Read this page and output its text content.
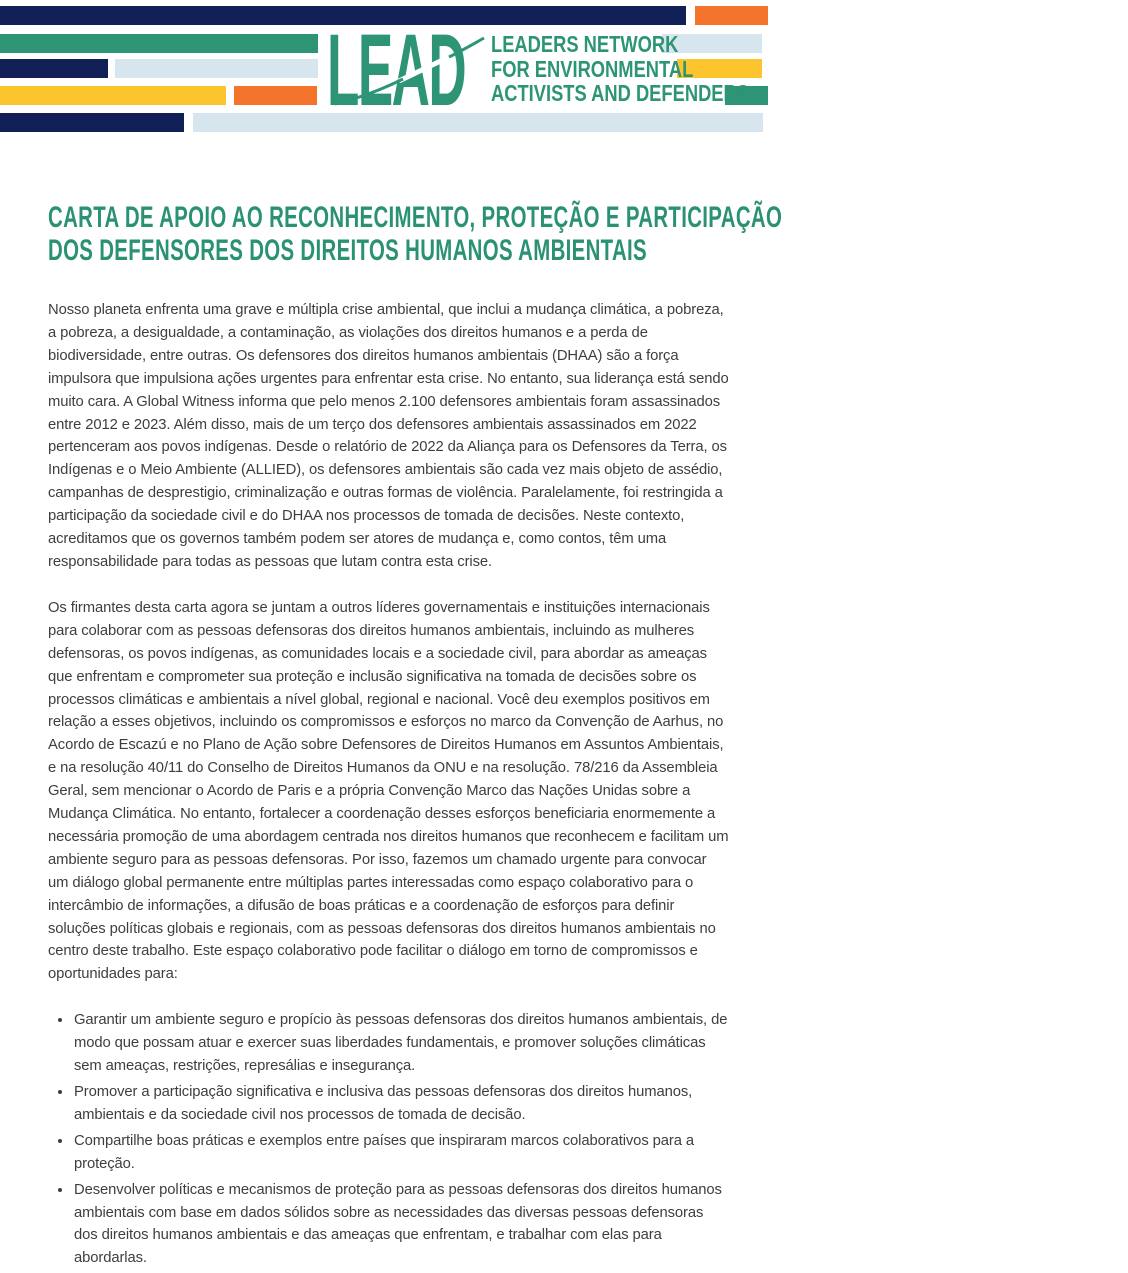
LEAD LEADERS NETWORK
FOR ENVIRONMENTAL
ACTIVISTS AND DEFENDERS
CARTA DE APOIO AO RECONHECIMENTO, PROTEÇÃO E PARTICIPAÇÃO
DOS DEFENSORES DOS DIREITOS HUMANOS AMBIENTAIS

Nosso planeta enfrenta uma grave e múltipla crise ambiental, que inclui a mudança climática, a pobreza, a pobreza, a desigualdade, a contaminação, as violações dos direitos humanos e a perda de biodiversidade, entre outras. Os defensores dos direitos humanos ambientais (DHAA) são a força impulsora que impulsiona ações urgentes para enfrentar esta crise. No entanto, sua liderança está sendo muito cara. A Global Witness informa que pelo menos 2.100 defensores ambientais foram assassinados entre 2012 e 2023. Além disso, mais de um terço dos defensores ambientais assassinados em 2022 pertenceram aos povos indígenas. Desde o relatório de 2022 da Aliança para os Defensores da Terra, os Indígenas e o Meio Ambiente (ALLIED), os defensores ambientais são cada vez mais objeto de assédio, campanhas de desprestigio, criminalização e outras formas de violência. Paralelamente, foi restringida a participação da sociedade civil e do DHAA nos processos de tomada de decisões. Neste contexto, acreditamos que os governos também podem ser atores de mudança e, como contos, têm uma responsabilidade para todas as pessoas que lutam contra esta crise.

Os firmantes desta carta agora se juntam a outros líderes governamentais e instituições internacionais para colaborar com as pessoas defensoras dos direitos humanos ambientais, incluindo as mulheres defensoras, os povos indígenas, as comunidades locais e a sociedade civil, para abordar as ameaças que enfrentam e comprometer sua proteção e inclusão significativa na tomada de decisões sobre os processos climáticas e ambientais a nível global, regional e nacional. Você deu exemplos positivos em relação a esses objetivos, incluindo os compromissos e esforços no marco da Convenção de Aarhus, no Acordo de Escazú e no Plano de Ação sobre Defensores de Direitos Humanos em Assuntos Ambientais, e na resolução 40/11 do Conselho de Direitos Humanos da ONU e na resolução. 78/216 da Assembleia Geral, sem mencionar o Acordo de Paris e a própria Convenção Marco das Nações Unidas sobre a Mudança Climática. No entanto, fortalecer a coordenação desses esforços beneficiaria enormemente a necessária promoção de uma abordagem centrada nos direitos humanos que reconhecem e facilitam um ambiente seguro para as pessoas defensoras. Por isso, fazemos um chamado urgente para convocar um diálogo global permanente entre múltiplas partes interessadas como espaço colaborativo para o intercâmbio de informações, a difusão de boas práticas e a coordenação de esforços para definir soluções políticas globais e regionais, com as pessoas defensoras dos direitos humanos ambientais no centro deste trabalho. Este espaço colaborativo pode facilitar o diálogo em torno de compromissos e oportunidades para:

• Garantir um ambiente seguro e propício às pessoas defensoras dos direitos humanos ambientais, de modo que possam atuar e exercer suas liberdades fundamentais, e promover soluções climáticas sem ameaças, restrições, represálias e insegurança.
• Promover a participação significativa e inclusiva das pessoas defensoras dos direitos humanos, ambientais e da sociedade civil nos processos de tomada de decisão.
• Compartilhe boas práticas e exemplos entre países que inspiraram marcos colaborativos para a proteção.
• Desenvolver políticas e mecanismos de proteção para as pessoas defensoras dos direitos humanos ambientais com base em dados sólidos sobre as necessidades das diversas pessoas defensoras dos direitos humanos ambientais e das ameaças que enfrentam, e trabalhar com elas para abordarlas.
